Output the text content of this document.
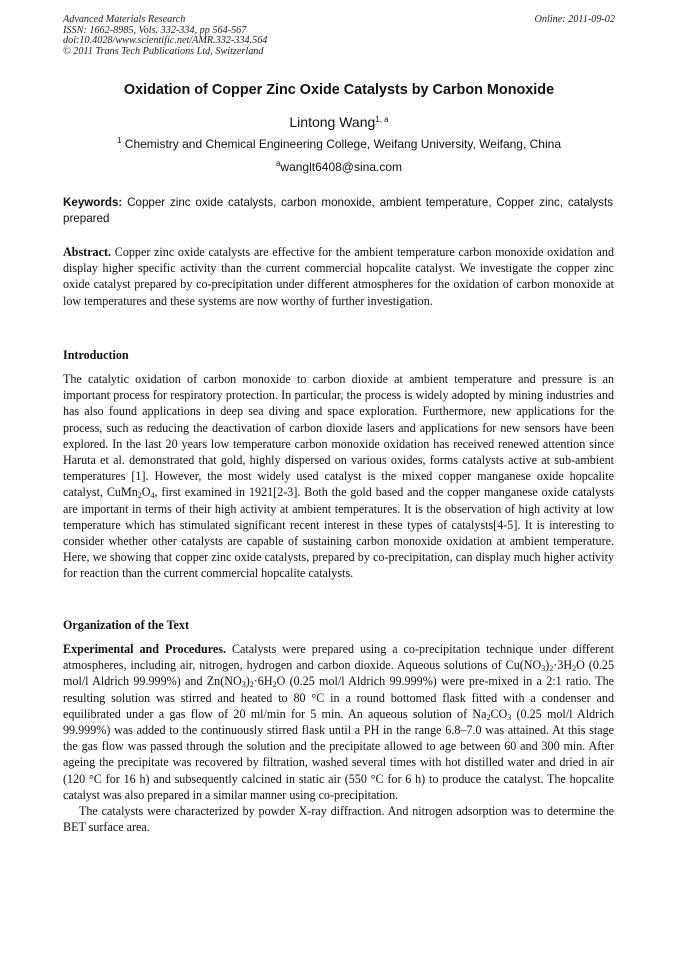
Advanced Materials Research
ISSN: 1662-8985, Vols. 332-334, pp 564-567
doi:10.4028/www.scientific.net/AMR.332-334.564
© 2011 Trans Tech Publications Ltd, Switzerland
Online: 2011-09-02
Oxidation of Copper Zinc Oxide Catalysts by Carbon Monoxide
Lintong Wang$^{1, a}$
$^1$ Chemistry and Chemical Engineering College, Weifang University, Weifang, China
$^a$wanglt6408@sina.com
Keywords: Copper zinc oxide catalysts, carbon monoxide, ambient temperature, Copper zinc, catalysts prepared
Abstract. Copper zinc oxide catalysts are effective for the ambient temperature carbon monoxide oxidation and display higher specific activity than the current commercial hopcalite catalyst. We investigate the copper zinc oxide catalyst prepared by co-precipitation under different atmospheres for the oxidation of carbon monoxide at low temperatures and these systems are now worthy of further investigation.
Introduction

The catalytic oxidation of carbon monoxide to carbon dioxide at ambient temperature and pressure is an important process for respiratory protection. In particular, the process is widely adopted by mining industries and has also found applications in deep sea diving and space exploration. Furthermore, new applications for the process, such as reducing the deactivation of carbon dioxide lasers and applications for new sensors have been explored. In the last 20 years low temperature carbon monoxide oxidation has received renewed attention since Haruta et al. demonstrated that gold, highly dispersed on various oxides, forms catalysts active at sub-ambient temperatures [1]. However, the most widely used catalyst is the mixed copper manganese oxide hopcalite catalyst, $CuMn_2O_4$, first examined in 1921[2-3]. Both the gold based and the copper manganese oxide catalysts are important in terms of their high activity at ambient temperatures. It is the observation of high activity at low temperature which has stimulated significant recent interest in these types of catalysts[4-5]. It is interesting to consider whether other catalysts are capable of sustaining carbon monoxide oxidation at ambient temperature. Here, we showing that copper zinc oxide catalysts, prepared by co-precipitation, can display much higher activity for reaction than the current commercial hopcalite catalysts.

Organization of the Text

Experimental and Procedures. Catalysts were prepared using a co-precipitation technique under different atmospheres, including air, nitrogen, hydrogen and carbon dioxide. Aqueous solutions of $Cu(NO_3)_2\cdot 3H_2O$ (0.25 mol/l Aldrich 99.999%) and $Zn(NO_3)_2\cdot 6H_2O$ (0.25 mol/l Aldrich 99.999%) were pre-mixed in a 2:1 ratio. The resulting solution was stirred and heated to 80 °C in a round bottomed flask fitted with a condenser and equilibrated under a gas flow of 20 ml/min for 5 min. An aqueous solution of $Na_2CO_3$ (0.25 mol/l Aldrich 99.999%) was added to the continuously stirred flask until a PH in the range 6.8–7.0 was attained. At this stage the gas flow was passed through the solution and the precipitate allowed to age between 60 and 300 min. After ageing the precipitate was recovered by filtration, washed several times with hot distilled water and dried in air (120 °C for 16 h) and subsequently calcined in static air (550 °C for 6 h) to produce the catalyst. The hopcalite catalyst was also prepared in a similar manner using co-precipitation.

The catalysts were characterized by powder X-ray diffraction. And nitrogen adsorption was to determine the BET surface area.
